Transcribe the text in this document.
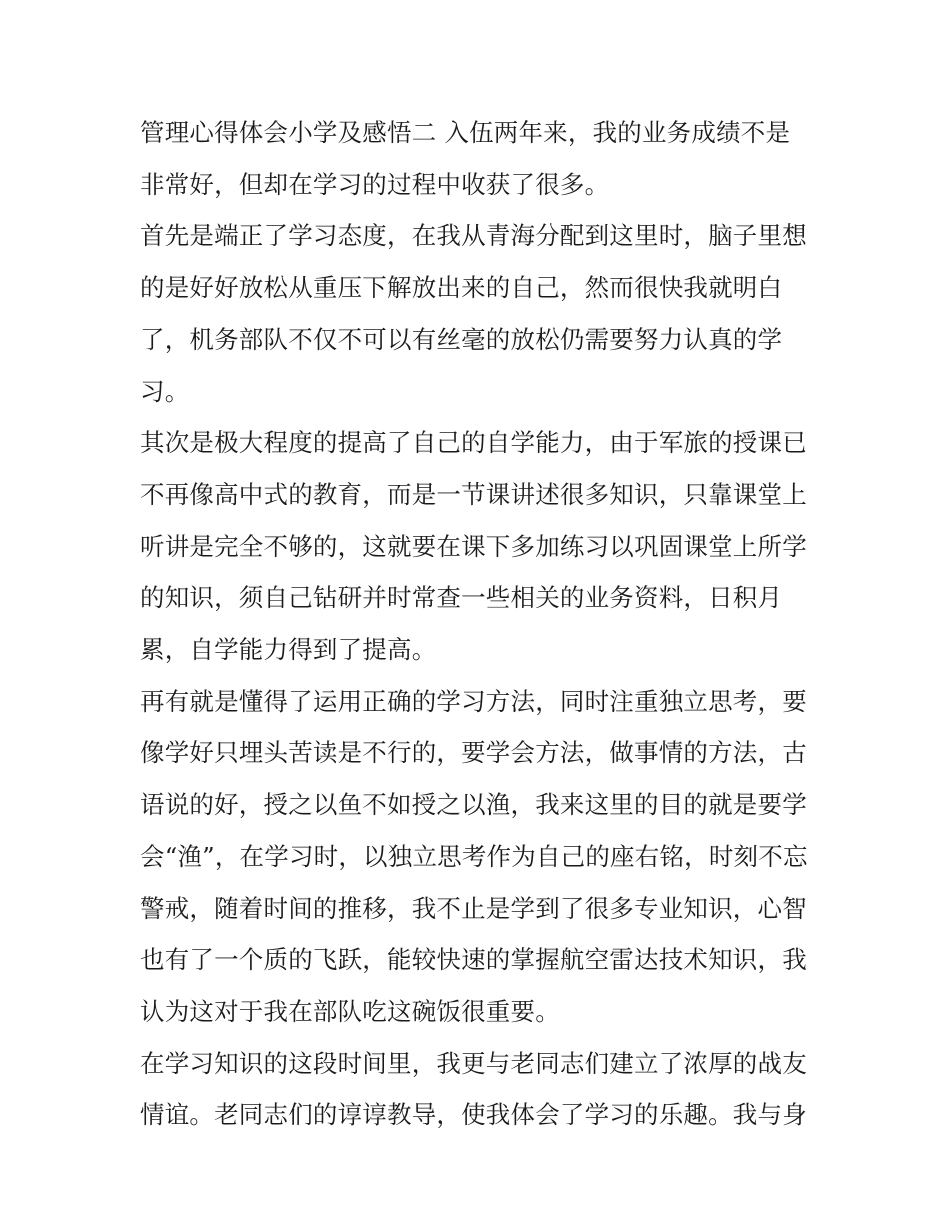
管理心得体会小学及感悟二 入伍两年来，我的业务成绩不是
非常好，但却在学习的过程中收获了很多。
首先是端正了学习态度，在我从青海分配到这里时，脑子里想
的是好好放松从重压下解放出来的自己，然而很快我就明白
了，机务部队不仅不可以有丝毫的放松仍需要努力认真的学
习。
其次是极大程度的提高了自己的自学能力，由于军旅的授课已
不再像高中式的教育，而是一节课讲述很多知识，只靠课堂上
听讲是完全不够的，这就要在课下多加练习以巩固课堂上所学
的知识，须自己钻研并时常查一些相关的业务资料，日积月
累，自学能力得到了提高。
再有就是懂得了运用正确的学习方法，同时注重独立思考，要
像学好只埋头苦读是不行的，要学会方法，做事情的方法，古
语说的好，授之以鱼不如授之以渔，我来这里的目的就是要学
会“渔”，在学习时，以独立思考作为自己的座右铭，时刻不忘
警戒，随着时间的推移，我不止是学到了很多专业知识，心智
也有了一个质的飞跃，能较快速的掌握航空雷达技术知识，我
认为这对于我在部队吃这碗饭很重要。
在学习知识的这段时间里，我更与老同志们建立了浓厚的战友
情谊。老同志们的谆谆教导，使我体会了学习的乐趣。我与身
